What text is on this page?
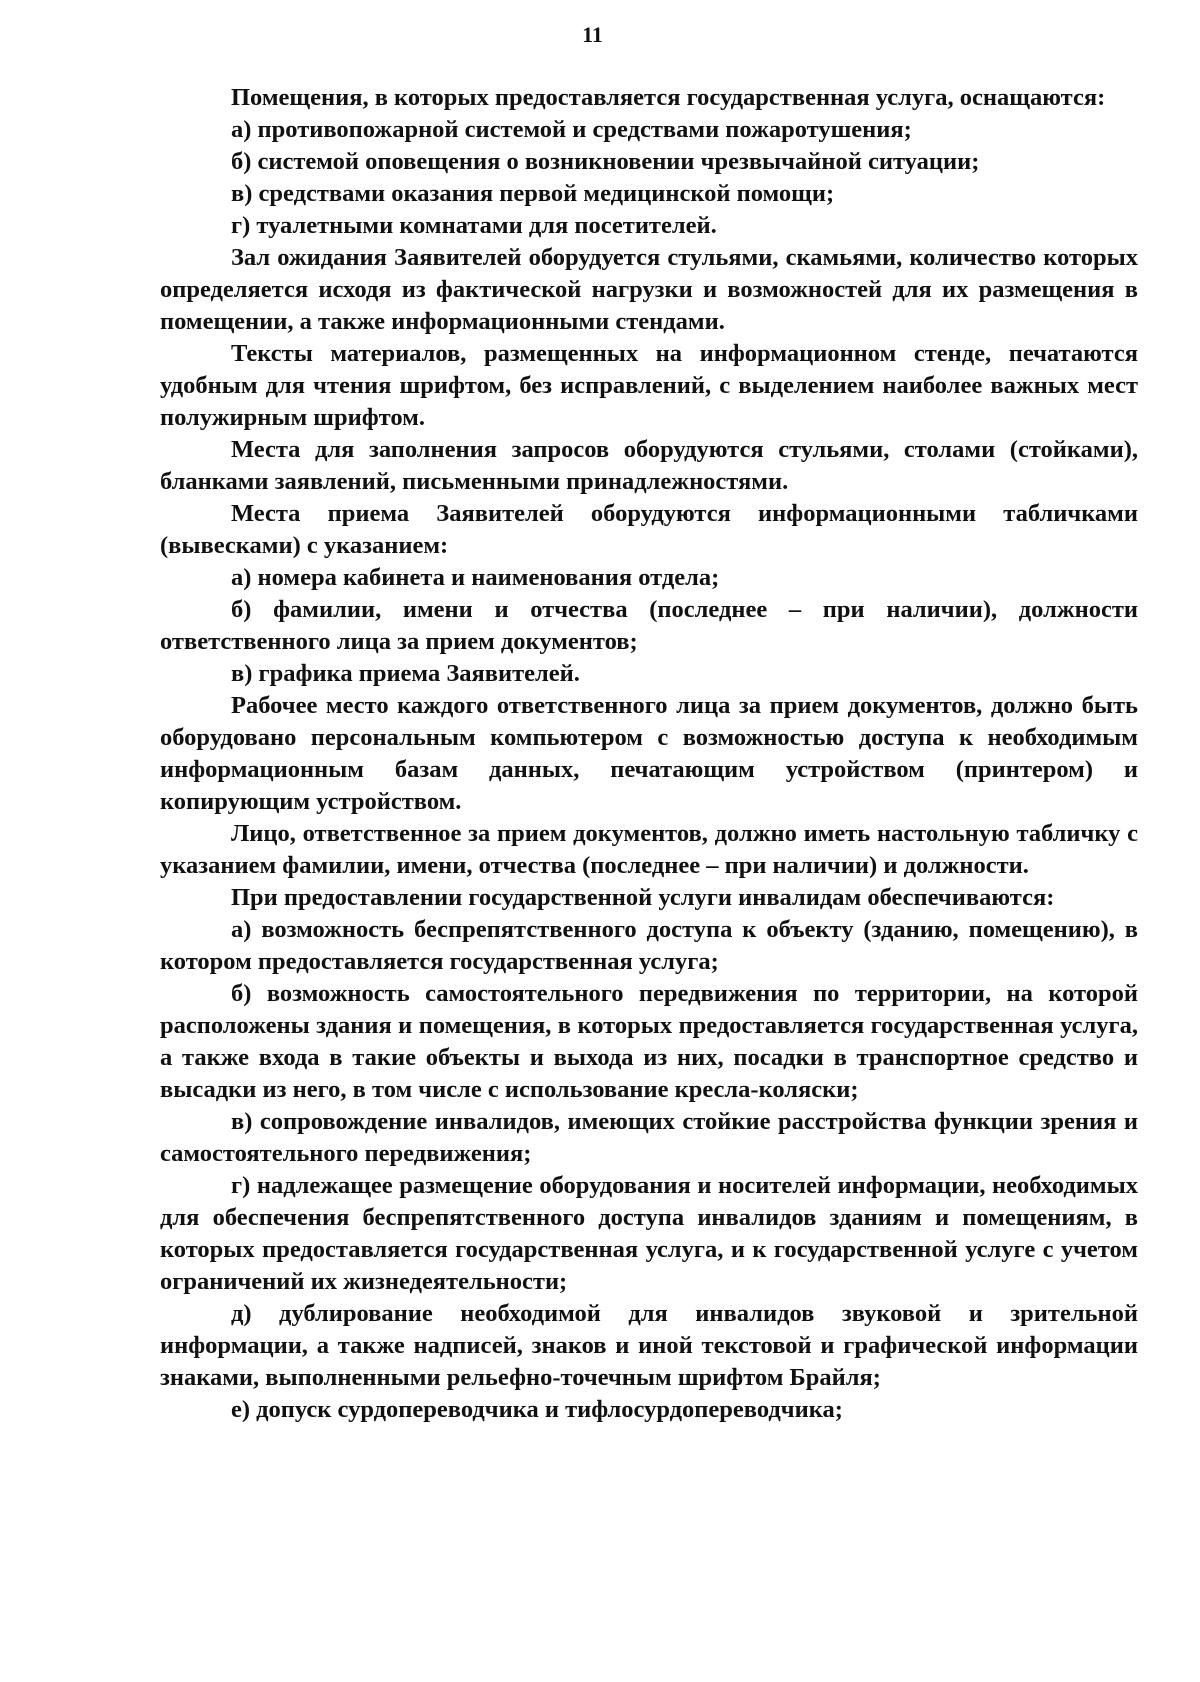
11

Помещения, в которых предоставляется государственная услуга, оснащаются:

а) противопожарной системой и средствами пожаротушения;

б) системой оповещения о возникновении чрезвычайной ситуации;

в) средствами оказания первой медицинской помощи;

г) туалетными комнатами для посетителей.

Зал ожидания Заявителей оборудуется стульями, скамьями, количество которых определяется исходя из фактической нагрузки и возможностей для их размещения в помещении, а также информационными стендами.

Тексты материалов, размещенных на информационном стенде, печатаются удобным для чтения шрифтом, без исправлений, с выделением наиболее важных мест полужирным шрифтом.

Места для заполнения запросов оборудуются стульями, столами (стойками), бланками заявлений, письменными принадлежностями.

Места приема Заявителей оборудуются информационными табличками (вывесками) с указанием:

а) номера кабинета и наименования отдела;

б) фамилии, имени и отчества (последнее – при наличии), должности ответственного лица за прием документов;

в) графика приема Заявителей.

Рабочее место каждого ответственного лица за прием документов, должно быть оборудовано персональным компьютером с возможностью доступа к необходимым информационным базам данных, печатающим устройством (принтером) и копирующим устройством.

Лицо, ответственное за прием документов, должно иметь настольную табличку с указанием фамилии, имени, отчества (последнее – при наличии) и должности.

При предоставлении государственной услуги инвалидам обеспечиваются:

а) возможность беспрепятственного доступа к объекту (зданию, помещению), в котором предоставляется государственная услуга;

б) возможность самостоятельного передвижения по территории, на которой расположены здания и помещения, в которых предоставляется государственная услуга, а также входа в такие объекты и выхода из них, посадки в транспортное средство и высадки из него, в том числе с использование кресла-коляски;

в) сопровождение инвалидов, имеющих стойкие расстройства функции зрения и самостоятельного передвижения;

г) надлежащее размещение оборудования и носителей информации, необходимых для обеспечения беспрепятственного доступа инвалидов зданиям и помещениям, в которых предоставляется государственная услуга, и к государственной услуге с учетом ограничений их жизнедеятельности;

д) дублирование необходимой для инвалидов звуковой и зрительной информации, а также надписей, знаков и иной текстовой и графической информации знаками, выполненными рельефно-точечным шрифтом Брайля;

е) допуск сурдопереводчика и тифлосурдопереводчика;
